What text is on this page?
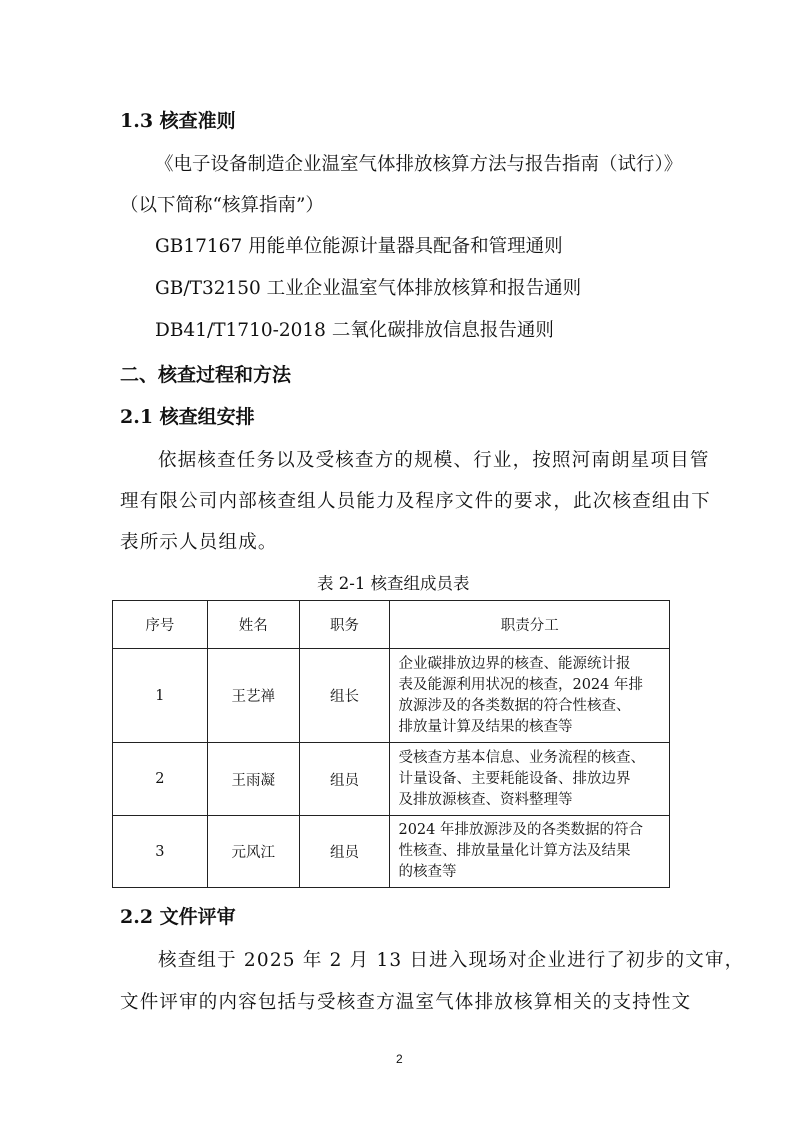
1.3 核查准则
《电子设备制造企业温室气体排放核算方法与报告指南（试行）》
（以下简称“核算指南”）
GB17167 用能单位能源计量器具配备和管理通则
GB/T32150 工业企业温室气体排放核算和报告通则
DB41/T1710-2018 二氧化碳排放信息报告通则
二、核查过程和方法
2.1 核查组安排
依据核查任务以及受核查方的规模、行业，按照河南朗星项目管
理有限公司内部核查组人员能力及程序文件的要求，此次核查组由下
表所示人员组成。
表 2-1 核查组成员表
序号	姓名	职务	职责分工
1	王艺禅	组长	企业碳排放边界的核查、能源统计报
表及能源利用状况的核查，2024 年排
放源涉及的各类数据的符合性核查、
排放量计算及结果的核查等

2	王雨凝	组员	受核查方基本信息、业务流程的核查、
计量设备、主要耗能设备、排放边界
及排放源核查、资料整理等

3	元风江	组员	2024 年排放源涉及的各类数据的符合
性核查、排放量量化计算方法及结果
的核查等
2.2 文件评审
核查组于 2025 年 2 月 13 日进入现场对企业进行了初步的文审，
文件评审的内容包括与受核查方温室气体排放核算相关的支持性文
2
